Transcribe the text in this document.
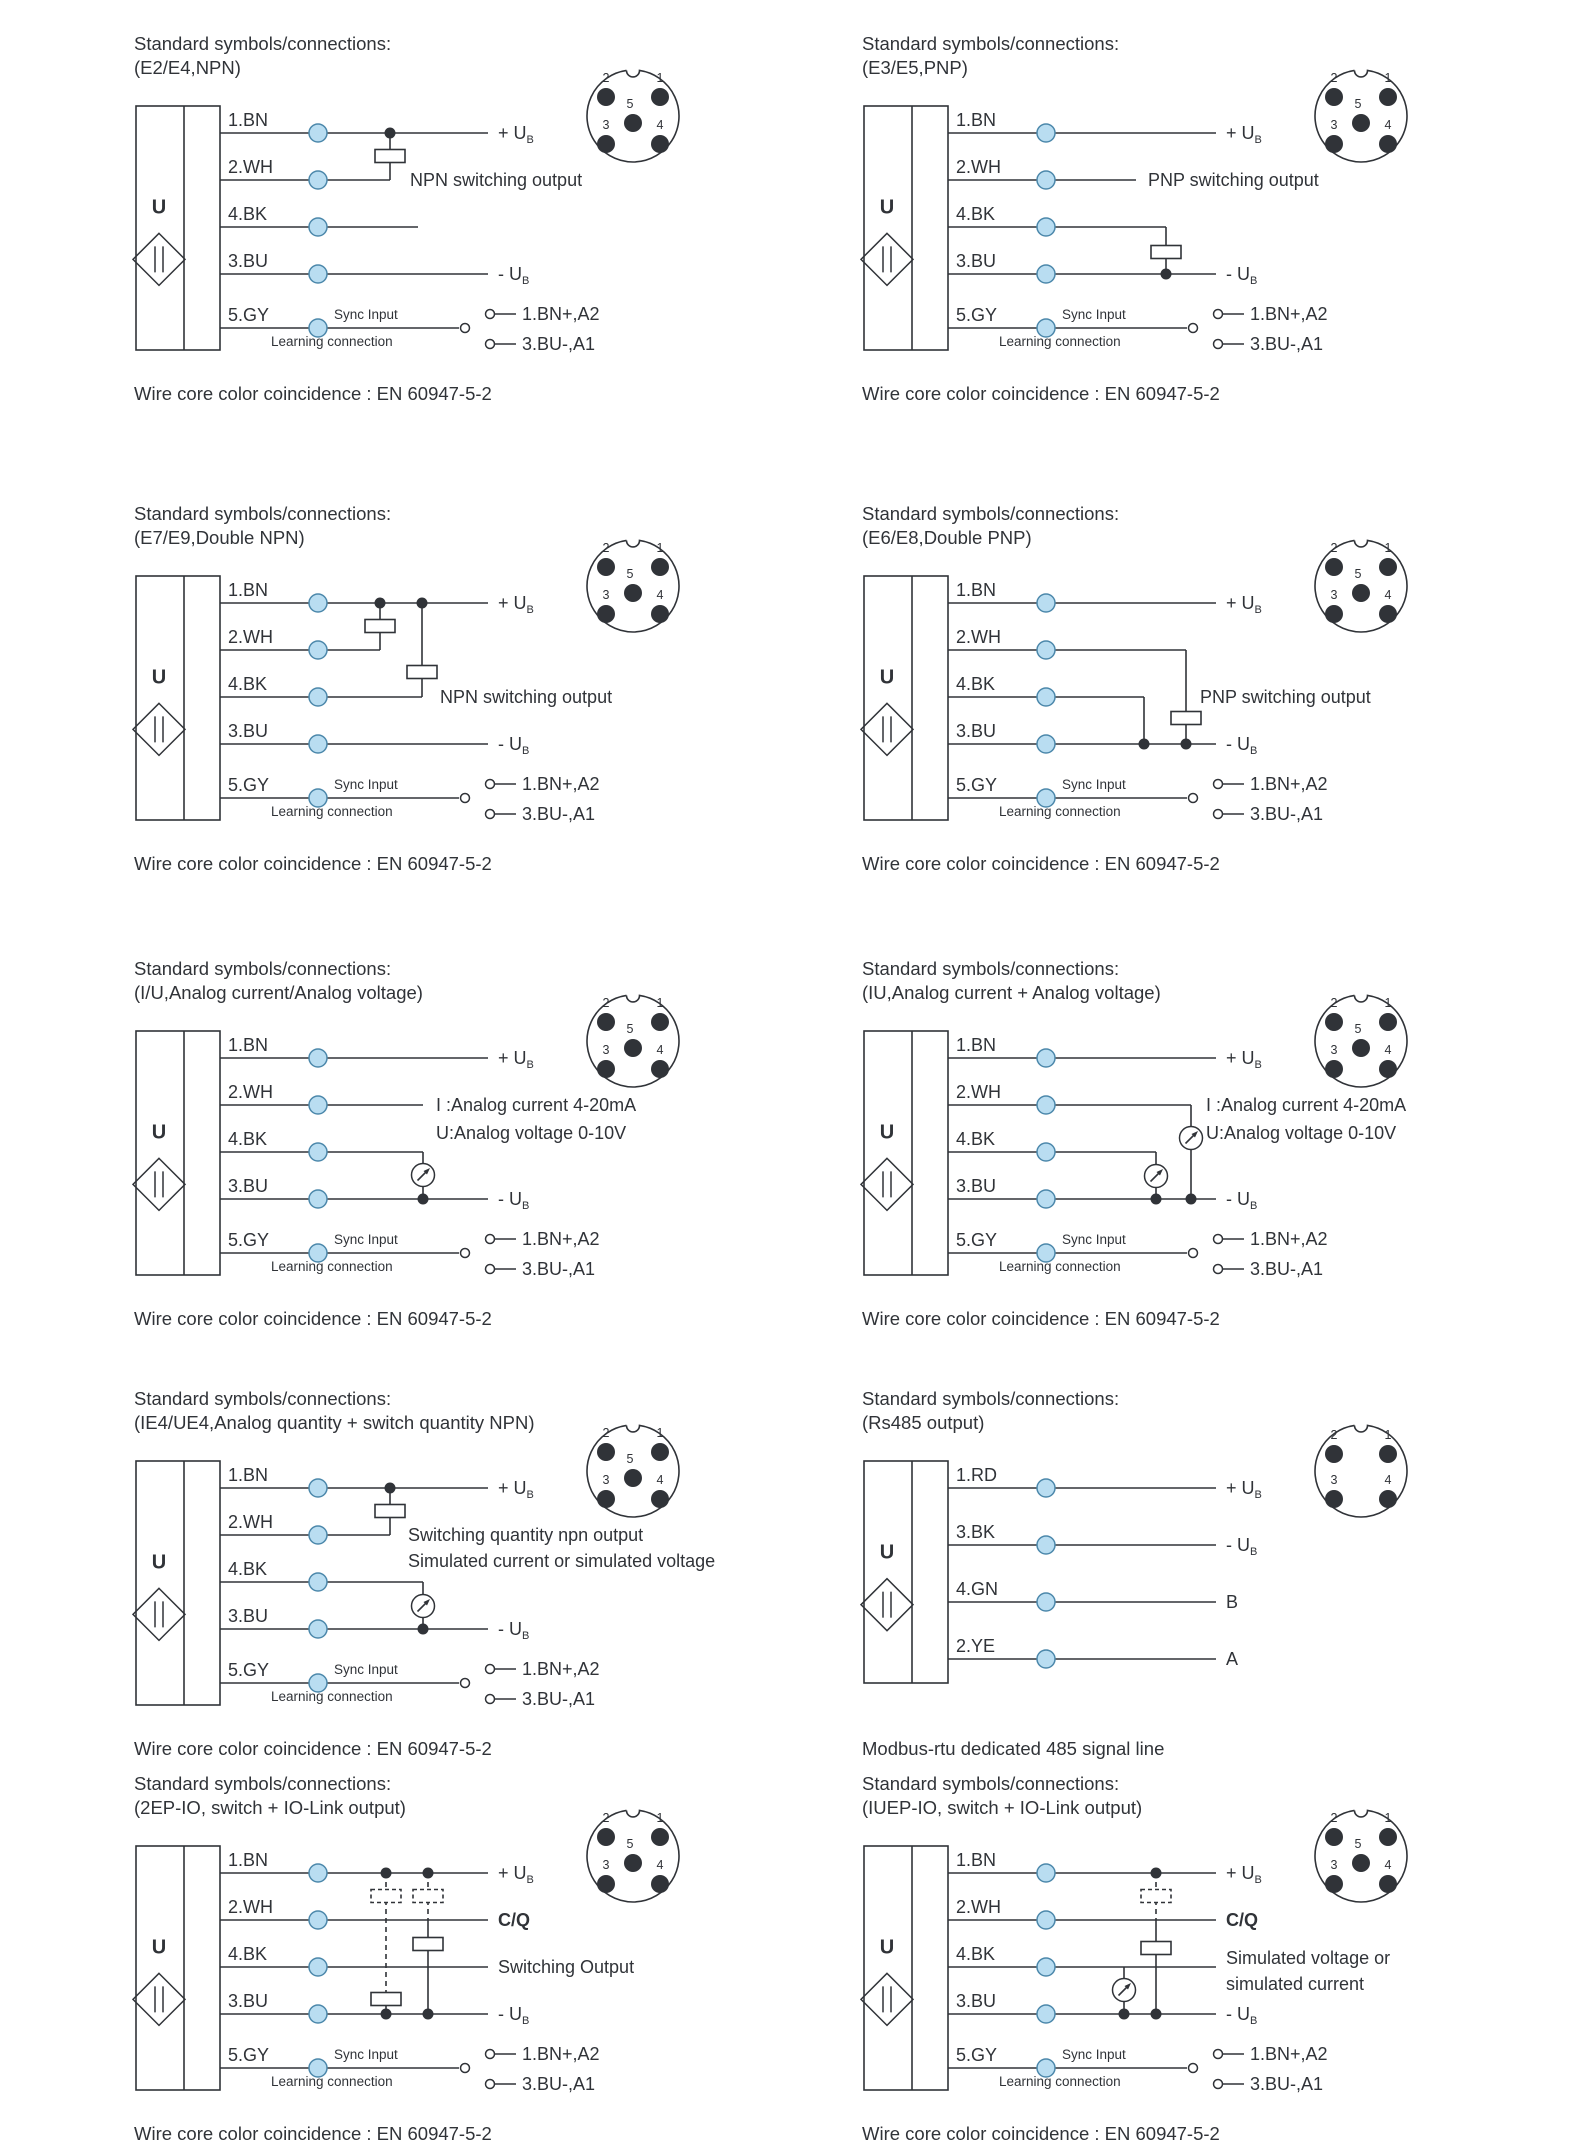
Standard symbols/connections:
(E2/E4,NPN)	2	1
5
3	4
U
1.BN
+ $U_B$
2.WH
4.BK
3.BU
- $U_B$
NPN switching output
5.GY	Sync Input
Learning connection
1.BN+,A2
3.BU-,A1
Wire core color coincidence : EN 60947-5-2
Standard symbols/connections:
(E3/E5,PNP)	2	1
5
3	4
U
1.BN
+ $U_B$
2.WH
4.BK
3.BU
- $U_B$
PNP switching output
5.GY	Sync Input
Learning connection
1.BN+,A2
3.BU-,A1
Wire core color coincidence : EN 60947-5-2
Standard symbols/connections:
(E7/E9,Double NPN)	2	1
5
3	4
U
1.BN
+ $U_B$
2.WH
4.BK
3.BU
- $U_B$
NPN switching output
5.GY	Sync Input
Learning connection
1.BN+,A2
3.BU-,A1
Wire core color coincidence : EN 60947-5-2
Standard symbols/connections:
(E6/E8,Double PNP)	2	1
5
3	4
U
1.BN
+ $U_B$
2.WH
4.BK
3.BU
- $U_B$
PNP switching output
5.GY	Sync Input
Learning connection
1.BN+,A2
3.BU-,A1
Wire core color coincidence : EN 60947-5-2
Standard symbols/connections:
(I/U,Analog current/Analog voltage)	2	1
5
3	4
U
1.BN
+ $U_B$
2.WH
4.BK
3.BU
- $U_B$
I :Analog current 4-20mA
U:Analog voltage 0-10V
5.GY	Sync Input
Learning connection
1.BN+,A2
3.BU-,A1
Wire core color coincidence : EN 60947-5-2
Standard symbols/connections:
(IU,Analog current + Analog voltage)	2	1
5
3	4
U
1.BN
+ $U_B$
2.WH
4.BK
3.BU
- $U_B$
I :Analog current 4-20mA
U:Analog voltage 0-10V
5.GY	Sync Input
Learning connection
1.BN+,A2
3.BU-,A1
Wire core color coincidence : EN 60947-5-2
Standard symbols/connections:
(IE4/UE4,Analog quantity + switch quantity NPN)	2	1
5
3	4
U
1.BN
+ $U_B$
2.WH
4.BK
3.BU
- $U_B$
Switching quantity npn output
Simulated current or simulated voltage
5.GY	Sync Input
Learning connection
1.BN+,A2
3.BU-,A1
Wire core color coincidence : EN 60947-5-2
Standard symbols/connections:
(Rs485 output)
2	1
3	4
U
1.RD
+ $U_B$
3.BK
- $U_B$
4.GN
B
2.YE
A
Modbus-rtu dedicated 485 signal line
Standard symbols/connections:
(2EP-IO, switch + IO-Link output)	2	1
5
3	4
U
1.BN
+ $U_B$
2.WH
C/Q
4.BK
Switching Output
3.BU
- $U_B$
5.GY	Sync Input
Learning connection
1.BN+,A2
3.BU-,A1
Wire core color coincidence : EN 60947-5-2
Standard symbols/connections:
(IUEP-IO, switch + IO-Link output)	2	1
5
3	4
U
1.BN
+ $U_B$
2.WH
C/Q
4.BK	Simulated voltage or
simulated current
3.BU
- $U_B$
5.GY	Sync Input
Learning connection
1.BN+,A2
3.BU-,A1
Wire core color coincidence : EN 60947-5-2
